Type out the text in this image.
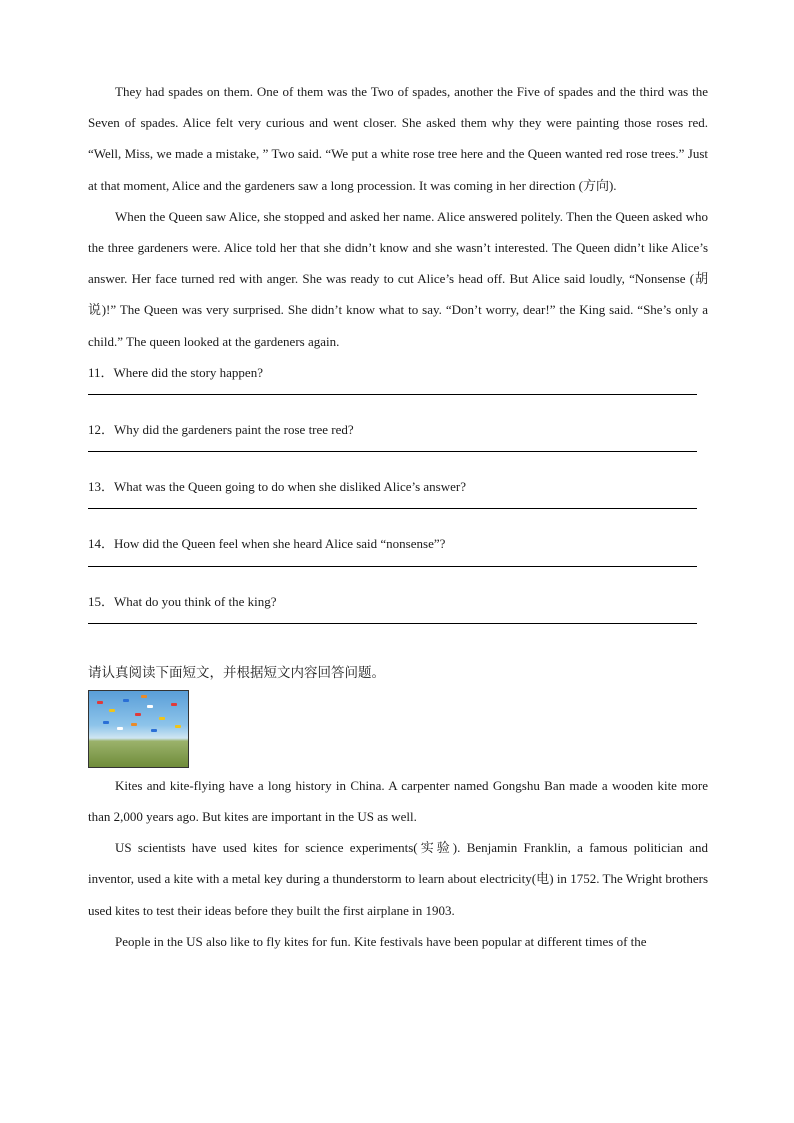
They had spades on them. One of them was the Two of spades, another the Five of spades and the third was the Seven of spades. Alice felt very curious and went closer. She asked them why they were painting those roses red. “Well, Miss, we made a mistake, ” Two said. “We put a white rose tree here and the Queen wanted red rose trees.” Just at that moment, Alice and the gardeners saw a long procession. It was coming in her direction (方向).

When the Queen saw Alice, she stopped and asked her name. Alice answered politely. Then the Queen asked who the three gardeners were. Alice told her that she didn’t know and she wasn’t interested. The Queen didn’t like Alice’s answer. Her face turned red with anger. She was ready to cut Alice’s head off. But Alice said loudly, “Nonsense (胡说)!” The Queen was very surprised. She didn’t know what to say. “Don’t worry, dear!” the King said. “She’s only a child.” The queen looked at the gardeners again.

11．Where did the story happen?

12．Why did the gardeners paint the rose tree red?

13．What was the Queen going to do when she disliked Alice’s answer?

14．How did the Queen feel when she heard Alice said “nonsense”?

15．What do you think of the king?

请认真阅读下面短文，并根据短文内容回答问题。

Kites and kite-flying have a long history in China. A carpenter named Gongshu Ban made a wooden kite more than 2,000 years ago. But kites are important in the US as well.

US scientists have used kites for science experiments(实验). Benjamin Franklin, a famous politician and inventor, used a kite with a metal key during a thunderstorm to learn about electricity(电) in 1752. The Wright brothers used kites to test their ideas before they built the first airplane in 1903.

People in the US also like to fly kites for fun. Kite festivals have been popular at different times of the
